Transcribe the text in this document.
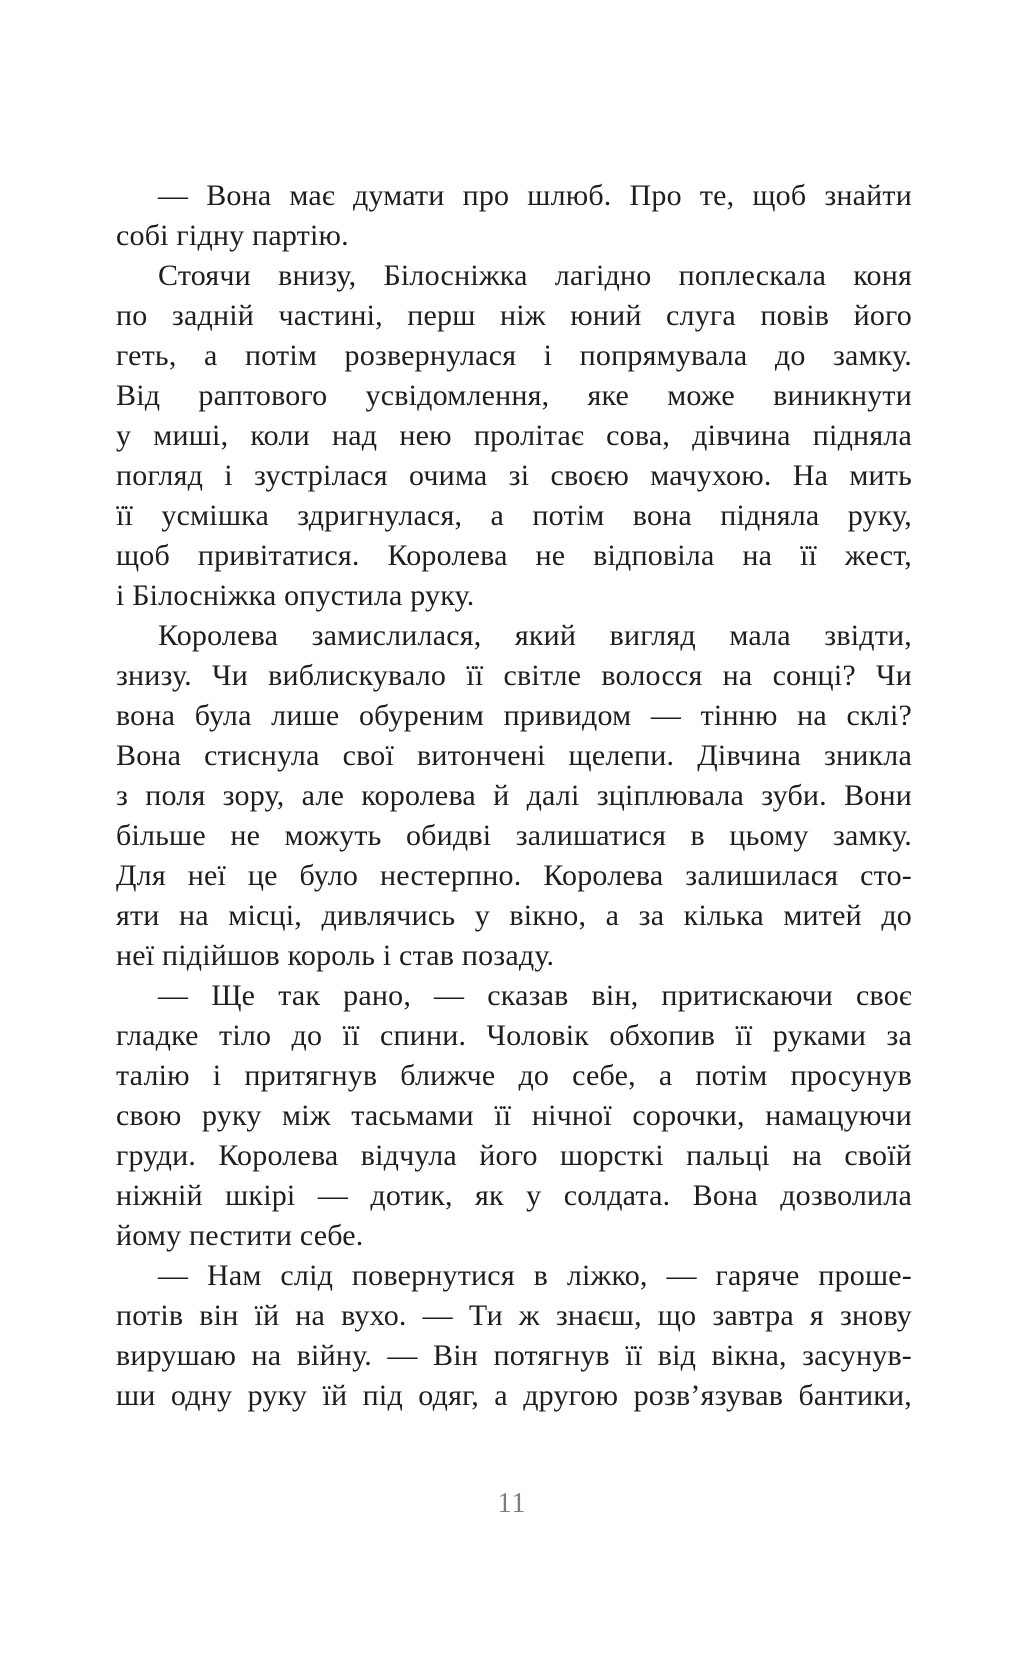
— Вона має думати про шлюб. Про те, щоб знайти
собі гідну партію.

Стоячи внизу, Білосніжка лагідно поплескала коня
по задній частині, перш ніж юний слуга повів його
геть, а потім розвернулася і попрямувала до замку.
Від раптового усвідомлення, яке може виникнути
у миші, коли над нею пролітає сова, дівчина підняла
погляд і зустрілася очима зі своєю мачухою. На мить
її усмішка здригнулася, а потім вона підняла руку,
щоб привітатися. Королева не відповіла на її жест,
і Білосніжка опустила руку.

Королева замислилася, який вигляд мала звідти,
знизу. Чи виблискувало її світле волосся на сонці? Чи
вона була лише обуреним привидом — тінню на склі?
Вона стиснула свої витончені щелепи. Дівчина зникла
з поля зору, але королева й далі зціплювала зуби. Вони
більше не можуть обидві залишатися в цьому замку.
Для неї це було нестерпно. Королева залишилася сто-
яти на місці, дивлячись у вікно, а за кілька митей до
неї підійшов король і став позаду.

— Ще так рано, — сказав він, притискаючи своє
гладке тіло до її спини. Чоловік обхопив її руками за
талію і притягнув ближче до себе, а потім просунув
свою руку між тасьмами її нічної сорочки, намацуючи
груди. Королева відчула його шорсткі пальці на своїй
ніжній шкірі — дотик, як у солдата. Вона дозволила
йому пестити себе.

— Нам слід повернутися в ліжко, — гаряче проше-
потів він їй на вухо. — Ти ж знаєш, що завтра я знову
вирушаю на війну. — Він потягнув її від вікна, засунув-
ши одну руку їй під одяг, а другою розв’язував бантики,

11
